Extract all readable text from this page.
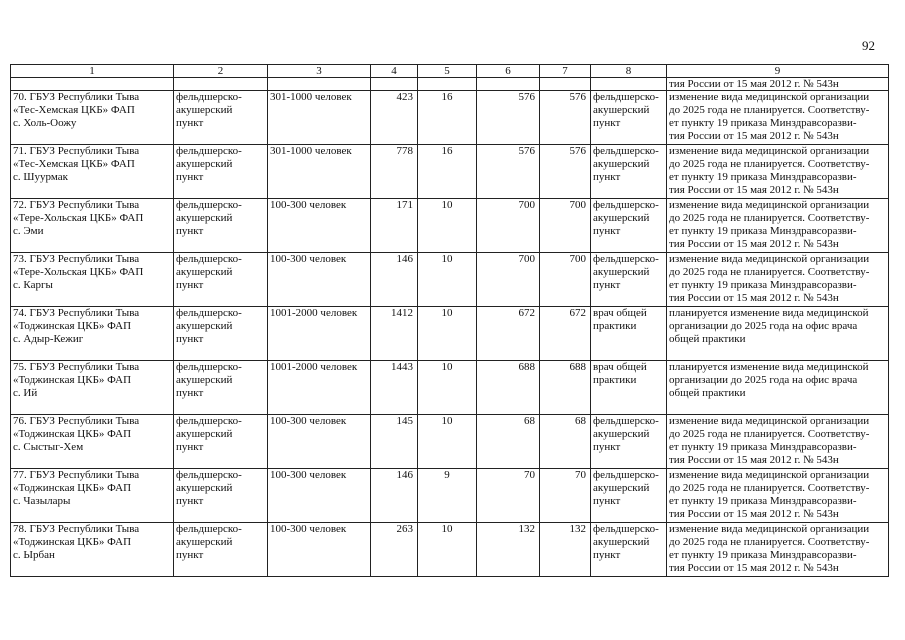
92
1	2	3	4	5	6	7	8	9
								тия России от 15 мая 2012 г. № 543н
70. ГБУЗ Республики Тыва
«Тес-Хемская ЦКБ» ФАП
с. Холь-Оожу	фельдшерско-
акушерский
пункт	301-1000 человек	423	16	576	576	фельдшерско-
акушерский
пункт	изменение вида медицинской организации
до 2025 года не планируется. Соответству-
ет пункту 19 приказа Минздравсоразви-
тия России от 15 мая 2012 г. № 543н
71. ГБУЗ Республики Тыва
«Тес-Хемская ЦКБ» ФАП
с. Шуурмак	фельдшерско-
акушерский
пункт	301-1000 человек	778	16	576	576	фельдшерско-
акушерский
пункт	изменение вида медицинской организации
до 2025 года не планируется. Соответству-
ет пункту 19 приказа Минздравсоразви-
тия России от 15 мая 2012 г. № 543н
72. ГБУЗ Республики Тыва
«Тере-Хольская ЦКБ» ФАП
с. Эми	фельдшерско-
акушерский
пункт	100-300 человек	171	10	700	700	фельдшерско-
акушерский
пункт	изменение вида медицинской организации
до 2025 года не планируется. Соответству-
ет пункту 19 приказа Минздравсоразви-
тия России от 15 мая 2012 г. № 543н
73. ГБУЗ Республики Тыва
«Тере-Хольская ЦКБ» ФАП
с. Каргы	фельдшерско-
акушерский
пункт	100-300 человек	146	10	700	700	фельдшерско-
акушерский
пункт	изменение вида медицинской организации
до 2025 года не планируется. Соответству-
ет пункту 19 приказа Минздравсоразви-
тия России от 15 мая 2012 г. № 543н
74. ГБУЗ Республики Тыва
«Тоджинская ЦКБ» ФАП
с. Адыр-Кежиг	фельдшерско-
акушерский
пункт	1001-2000 человек	1412	10	672	672	врач общей
практики	планируется изменение вида медицинской
организации до 2025 года на офис врача
общей практики
75. ГБУЗ Республики Тыва
«Тоджинская ЦКБ» ФАП
с. Ий	фельдшерско-
акушерский
пункт	1001-2000 человек	1443	10	688	688	врач общей
практики	планируется изменение вида медицинской
организации до 2025 года на офис врача
общей практики
76. ГБУЗ Республики Тыва
«Тоджинская ЦКБ» ФАП
с. Сыстыг-Хем	фельдшерско-
акушерский
пункт	100-300 человек	145	10	68	68	фельдшерско-
акушерский
пункт	изменение вида медицинской организации
до 2025 года не планируется. Соответству-
ет пункту 19 приказа Минздравсоразви-
тия России от 15 мая 2012 г. № 543н
77. ГБУЗ Республики Тыва
«Тоджинская ЦКБ» ФАП
с. Чазылары	фельдшерско-
акушерский
пункт	100-300 человек	146	9	70	70	фельдшерско-
акушерский
пункт	изменение вида медицинской организации
до 2025 года не планируется. Соответству-
ет пункту 19 приказа Минздравсоразви-
тия России от 15 мая 2012 г. № 543н
78. ГБУЗ Республики Тыва
«Тоджинская ЦКБ» ФАП
с. Ырбан	фельдшерско-
акушерский
пункт	100-300 человек	263	10	132	132	фельдшерско-
акушерский
пункт	изменение вида медицинской организации
до 2025 года не планируется. Соответству-
ет пункту 19 приказа Минздравсоразви-
тия России от 15 мая 2012 г. № 543н
